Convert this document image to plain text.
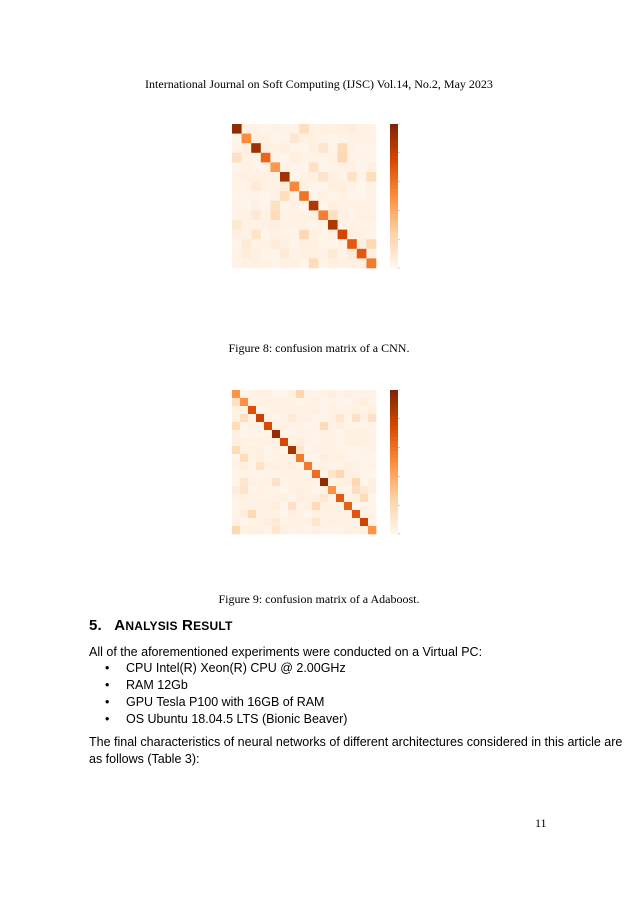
International Journal on Soft Computing (IJSC) Vol.14, No.2, May 2023
Figure 8: confusion matrix of a CNN.
Figure 9: confusion matrix of a Adaboost.
5. ANALYSIS RESULT
All of the aforementioned experiments were conducted on a Virtual PC:
• CPU Intel(R) Xeon(R) CPU @ 2.00GHz
• RAM 12Gb
• GPU Tesla P100 with 16GB of RAM
• OS Ubuntu 18.04.5 LTS (Bionic Beaver)
The final characteristics of neural networks of different architectures considered in this article are
as follows (Table 3):
11
